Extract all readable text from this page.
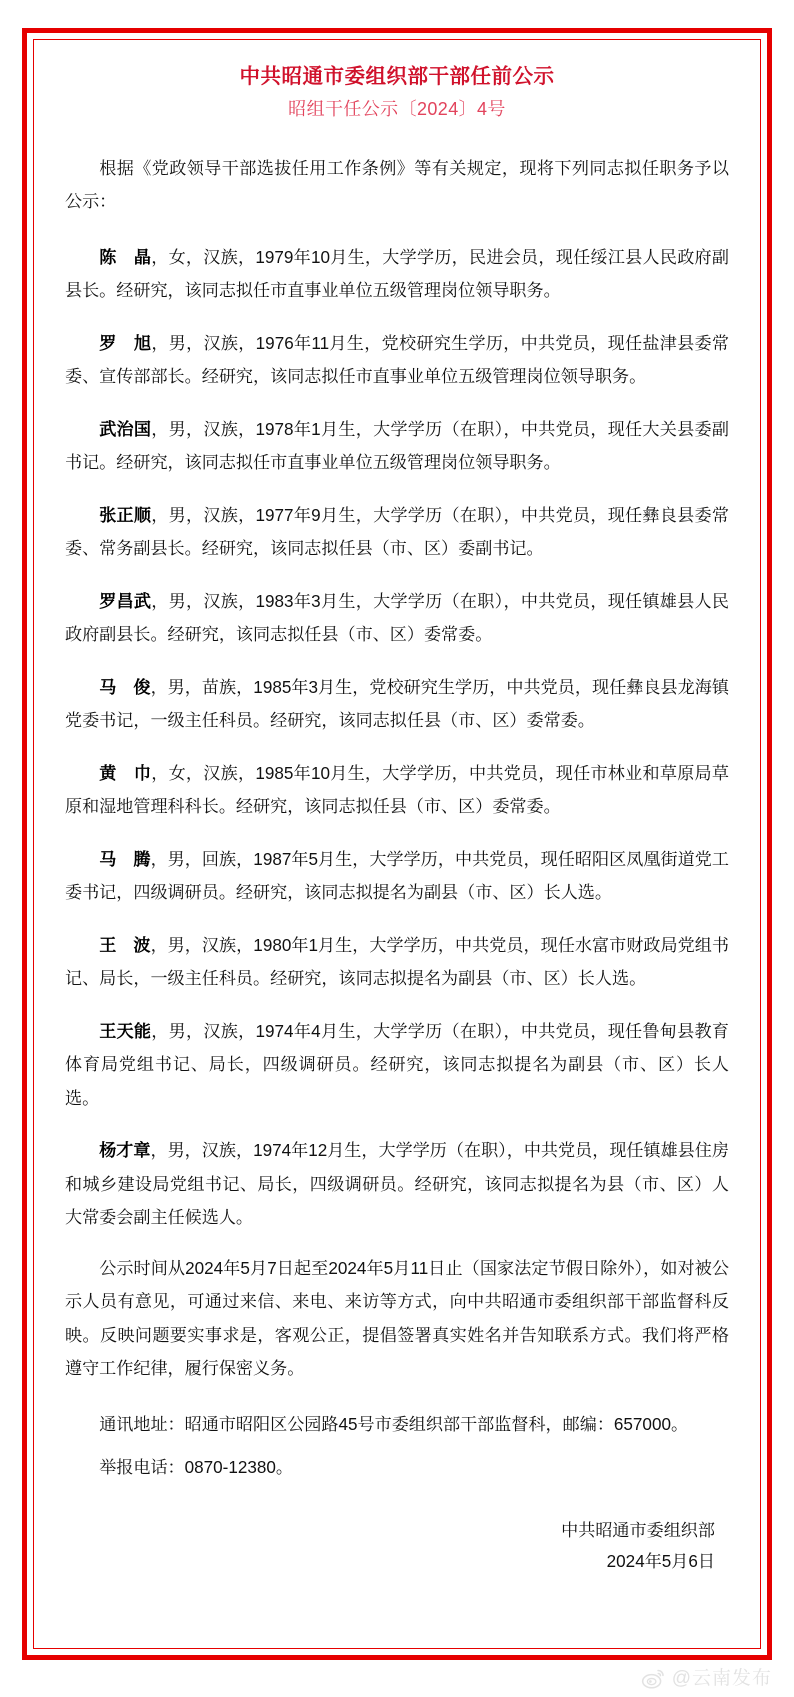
中共昭通市委组织部干部任前公示
昭组干任公示〔2024〕4号

根据《党政领导干部选拔任用工作条例》等有关规定，现将下列同志拟任职务予以公示：

陈　晶，女，汉族，1979年10月生，大学学历，民进会员，现任绥江县人民政府副县长。经研究，该同志拟任市直事业单位五级管理岗位领导职务。

罗　旭，男，汉族，1976年11月生，党校研究生学历，中共党员，现任盐津县委常委、宣传部部长。经研究，该同志拟任市直事业单位五级管理岗位领导职务。

武治国，男，汉族，1978年1月生，大学学历（在职），中共党员，现任大关县委副书记。经研究，该同志拟任市直事业单位五级管理岗位领导职务。

张正顺，男，汉族，1977年9月生，大学学历（在职），中共党员，现任彝良县委常委、常务副县长。经研究，该同志拟任县（市、区）委副书记。

罗昌武，男，汉族，1983年3月生，大学学历（在职），中共党员，现任镇雄县人民政府副县长。经研究，该同志拟任县（市、区）委常委。

马　俊，男，苗族，1985年3月生，党校研究生学历，中共党员，现任彝良县龙海镇党委书记，一级主任科员。经研究，该同志拟任县（市、区）委常委。

黄　巾，女，汉族，1985年10月生，大学学历，中共党员，现任市林业和草原局草原和湿地管理科科长。经研究，该同志拟任县（市、区）委常委。

马　腾，男，回族，1987年5月生，大学学历，中共党员，现任昭阳区凤凰街道党工委书记，四级调研员。经研究，该同志拟提名为副县（市、区）长人选。

王　波，男，汉族，1980年1月生，大学学历，中共党员，现任水富市财政局党组书记、局长，一级主任科员。经研究，该同志拟提名为副县（市、区）长人选。

王天能，男，汉族，1974年4月生，大学学历（在职），中共党员，现任鲁甸县教育体育局党组书记、局长，四级调研员。经研究，该同志拟提名为副县（市、区）长人选。

杨才章，男，汉族，1974年12月生，大学学历（在职），中共党员，现任镇雄县住房和城乡建设局党组书记、局长，四级调研员。经研究，该同志拟提名为县（市、区）人大常委会副主任候选人。

公示时间从2024年5月7日起至2024年5月11日止（国家法定节假日除外），如对被公示人员有意见，可通过来信、来电、来访等方式，向中共昭通市委组织部干部监督科反映。反映问题要实事求是，客观公正，提倡签署真实姓名并告知联系方式。我们将严格遵守工作纪律，履行保密义务。

通讯地址：昭通市昭阳区公园路45号市委组织部干部监督科，邮编：657000。

举报电话：0870-12380。

中共昭通市委组织部
2024年5月6日
@云南发布
